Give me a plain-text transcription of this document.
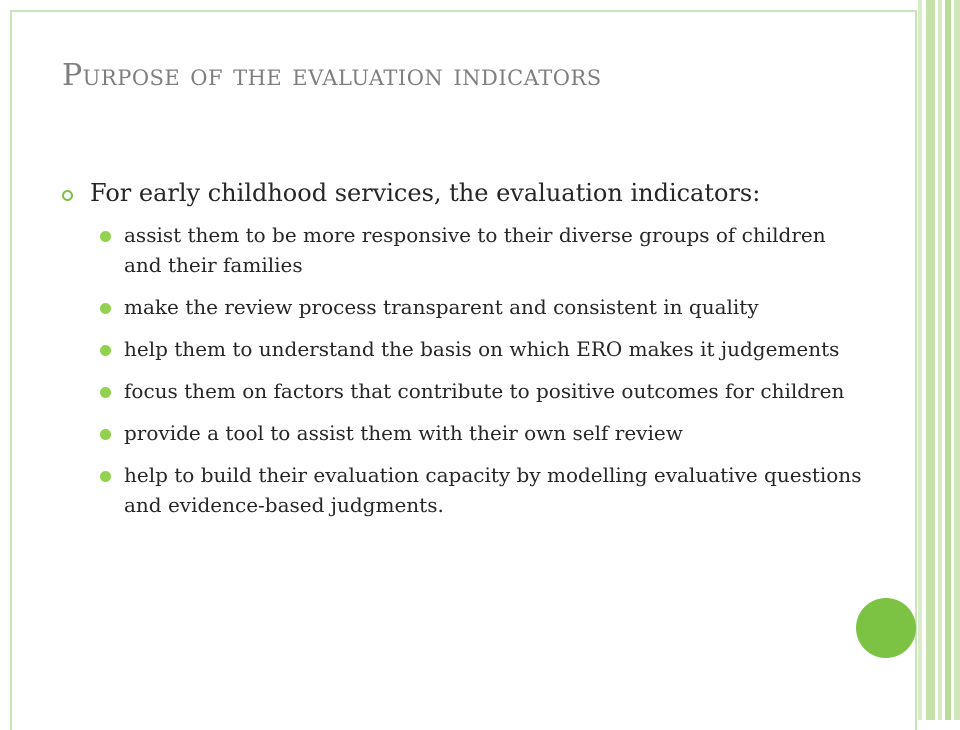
Purpose of the evaluation indicators
For early childhood services, the evaluation indicators:
assist them to be more responsive to their diverse groups of children and their families
make the review process transparent and consistent in quality
help them to understand the basis on which ERO makes it judgements
focus them on factors that contribute to positive outcomes for children
provide a tool to assist them with their own self review
help to build their evaluation capacity by modelling evaluative questions and evidence-based judgments.
